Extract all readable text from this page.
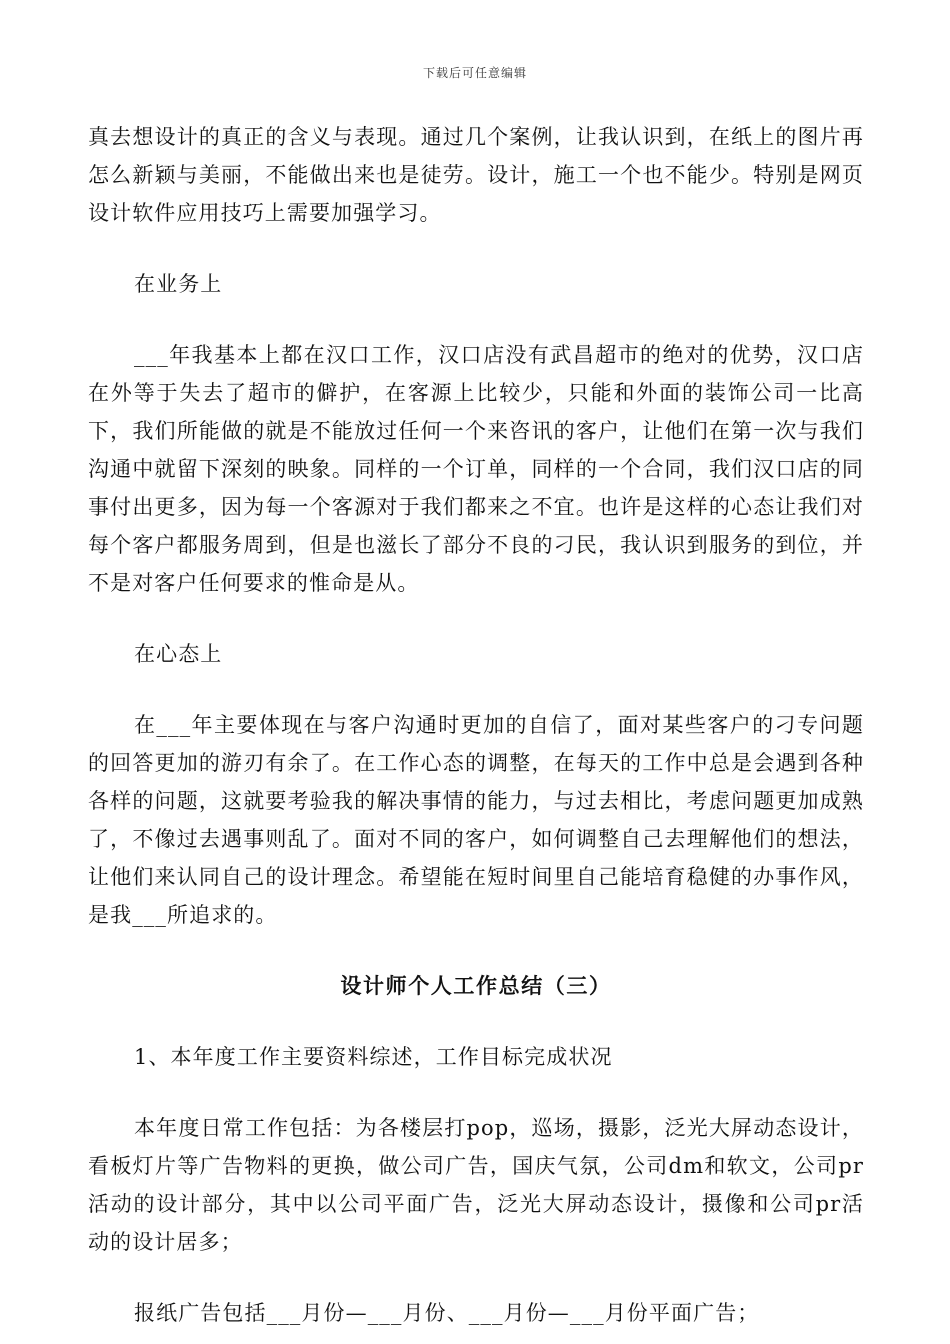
下载后可任意编辑

真去想设计的真正的含义与表现。通过几个案例，让我认识到，在纸上的图片再怎么新颖与美丽，不能做出来也是徒劳。设计，施工一个也不能少。特别是网页设计软件应用技巧上需要加强学习。

在业务上

___年我基本上都在汉口工作，汉口店没有武昌超市的绝对的优势，汉口店在外等于失去了超市的僻护，在客源上比较少，只能和外面的装饰公司一比高下，我们所能做的就是不能放过任何一个来咨讯的客户，让他们在第一次与我们沟通中就留下深刻的映象。同样的一个订单，同样的一个合同，我们汉口店的同事付出更多，因为每一个客源对于我们都来之不宜。也许是这样的心态让我们对每个客户都服务周到，但是也滋长了部分不良的刁民，我认识到服务的到位，并不是对客户任何要求的惟命是从。

在心态上

在___年主要体现在与客户沟通时更加的自信了，面对某些客户的刁专问题的回答更加的游刃有余了。在工作心态的调整，在每天的工作中总是会遇到各种各样的问题，这就要考验我的解决事情的能力，与过去相比，考虑问题更加成熟了，不像过去遇事则乱了。面对不同的客户，如何调整自己去理解他们的想法，让他们来认同自己的设计理念。希望能在短时间里自己能培育稳健的办事作风，是我___所追求的。

设计师个人工作总结（三）

1、本年度工作主要资料综述，工作目标完成状况

本年度日常工作包括：为各楼层打pop，巡场，摄影，泛光大屏动态设计，看板灯片等广告物料的更换，做公司广告，国庆气氛，公司dm和软文，公司pr活动的设计部分，其中以公司平面广告，泛光大屏动态设计，摄像和公司pr活动的设计居多；

报纸广告包括___月份—___月份、___月份—___月份平面广告；
